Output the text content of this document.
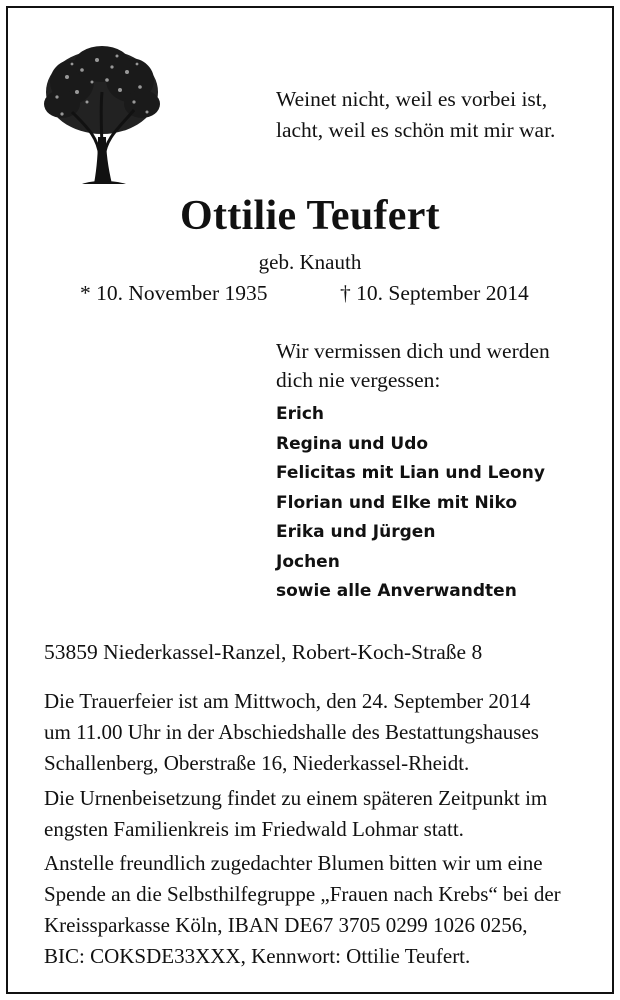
Weinet nicht, weil es vorbei ist,
lacht, weil es schön mit mir war.
Ottilie Teufert
geb. Knauth
* 10. November 1935	† 10. September 2014
Wir vermissen dich und werden
dich nie vergessen:
Erich
Regina und Udo
Felicitas mit Lian und Leony
Florian und Elke mit Niko
Erika und Jürgen
Jochen
sowie alle Anverwandten
53859 Niederkassel-Ranzel, Robert-Koch-Straße 8
Die Trauerfeier ist am Mittwoch, den 24. September 2014
um 11.00 Uhr in der Abschiedshalle des Bestattungshauses
Schallenberg, Oberstraße 16, Niederkassel-Rheidt.
Die Urnenbeisetzung findet zu einem späteren Zeitpunkt im
engsten Familienkreis im Friedwald Lohmar statt.
Anstelle freundlich zugedachter Blumen bitten wir um eine
Spende an die Selbsthilfegruppe „Frauen nach Krebs“ bei der
Kreissparkasse Köln, IBAN DE67 3705 0299 1026 0256,
BIC: COKSDE33XXX, Kennwort: Ottilie Teufert.
